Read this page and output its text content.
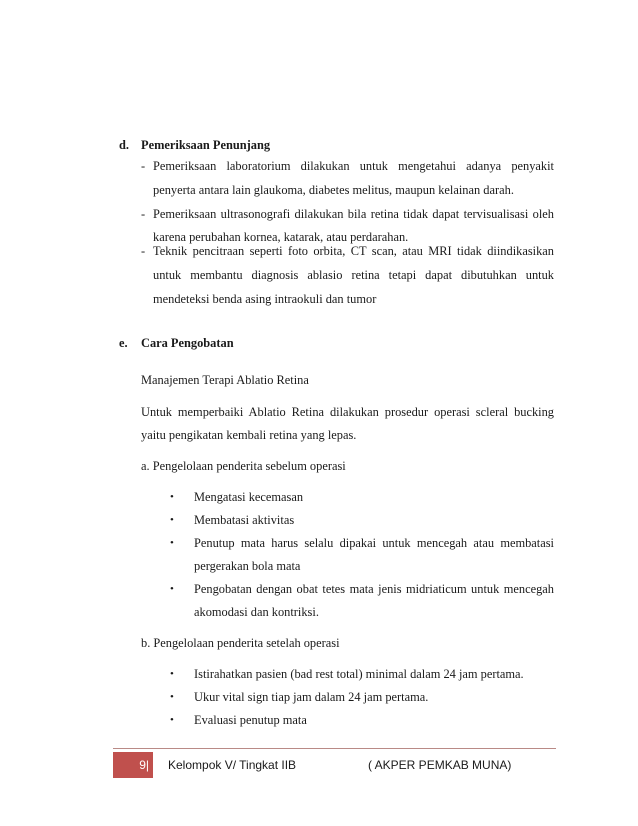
d. Pemeriksaan Penunjang
- Pemeriksaan laboratorium dilakukan untuk mengetahui adanya penyakit
penyerta antara lain glaukoma, diabetes melitus, maupun kelainan darah.
- Pemeriksaan ultrasonografi dilakukan bila retina tidak dapat tervisualisasi oleh
karena perubahan kornea, katarak, atau perdarahan.
- Teknik pencitraan seperti foto orbita, CT scan, atau MRI tidak diindikasikan
untuk membantu diagnosis ablasio retina tetapi dapat dibutuhkan untuk
mendeteksi benda asing intraokuli dan tumor
e. Cara Pengobatan
Manajemen Terapi Ablatio Retina
Untuk memperbaiki Ablatio Retina dilakukan prosedur operasi scleral bucking
yaitu pengikatan kembali retina yang lepas.
a. Pengelolaan penderita sebelum operasi
• Mengatasi kecemasan
• Membatasi aktivitas
• Penutup mata harus selalu dipakai untuk mencegah atau membatasi
pergerakan bola mata
• Pengobatan dengan obat tetes mata jenis midriaticum untuk mencegah
akomodasi dan kontriksi.
b. Pengelolaan penderita setelah operasi
• Istirahatkan pasien (bad rest total) minimal dalam 24 jam pertama.
• Ukur vital sign tiap jam dalam 24 jam pertama.
• Evaluasi penutup mata
9|	Kelompok V/ Tingkat IIB	( AKPER PEMKAB MUNA)
